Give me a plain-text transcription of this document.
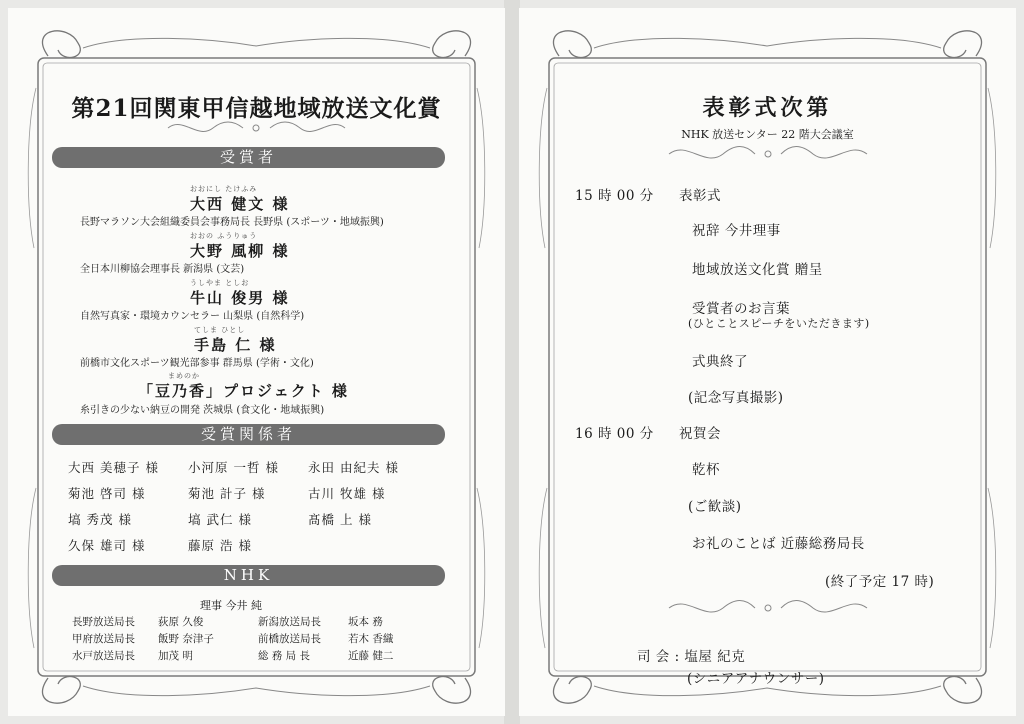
第21回関東甲信越地域放送文化賞
受賞者
おおにし たけふみ
大西 健文 様
長野マラソン大会組織委員会事務局長 長野県 (スポーツ・地域振興)
おおの ふうりゅう
大野 風柳 様
全日本川柳協会理事長 新潟県 (文芸)
うしやま としお
牛山 俊男 様
自然写真家・環境カウンセラー 山梨県 (自然科学)
てしま ひとし
手島 仁 様
前橋市文化スポーツ観光部参事 群馬県 (学術・文化)
まめのか
「豆乃香」プロジェクト 様
糸引きの少ない納豆の開発 茨城県 (食文化・地域振興)
受賞関係者
大西 美穂子 様 小河原 一哲 様 永田 由紀夫 様
菊池 啓司 様	菊池 計子 様	古川 牧雄 様
塙 秀茂 様	塙 武仁 様	髙橋 上 様
久保 雄司 様	藤原 浩 様
NHK
理事 今井 純
長野放送局長 荻原 久俊	新潟放送局長	坂本 務
甲府放送局長 飯野 奈津子	前橋放送局長	若木 香織
水戸放送局長 加茂 明	総 務 局 長	近藤 健二
表彰式次第
NHK 放送センター 22 階大会議室
15 時 00 分 表彰式
祝辞 今井理事
地域放送文化賞 贈呈
受賞者のお言葉
(ひとことスピーチをいただきます)
式典終了
(記念写真撮影)
16 時 00 分 祝賀会
乾杯
(ご歓談)
お礼のことば 近藤総務局長
(終了予定 17 時)
司 会 : 塩屋 紀克
(シニアアナウンサー)
